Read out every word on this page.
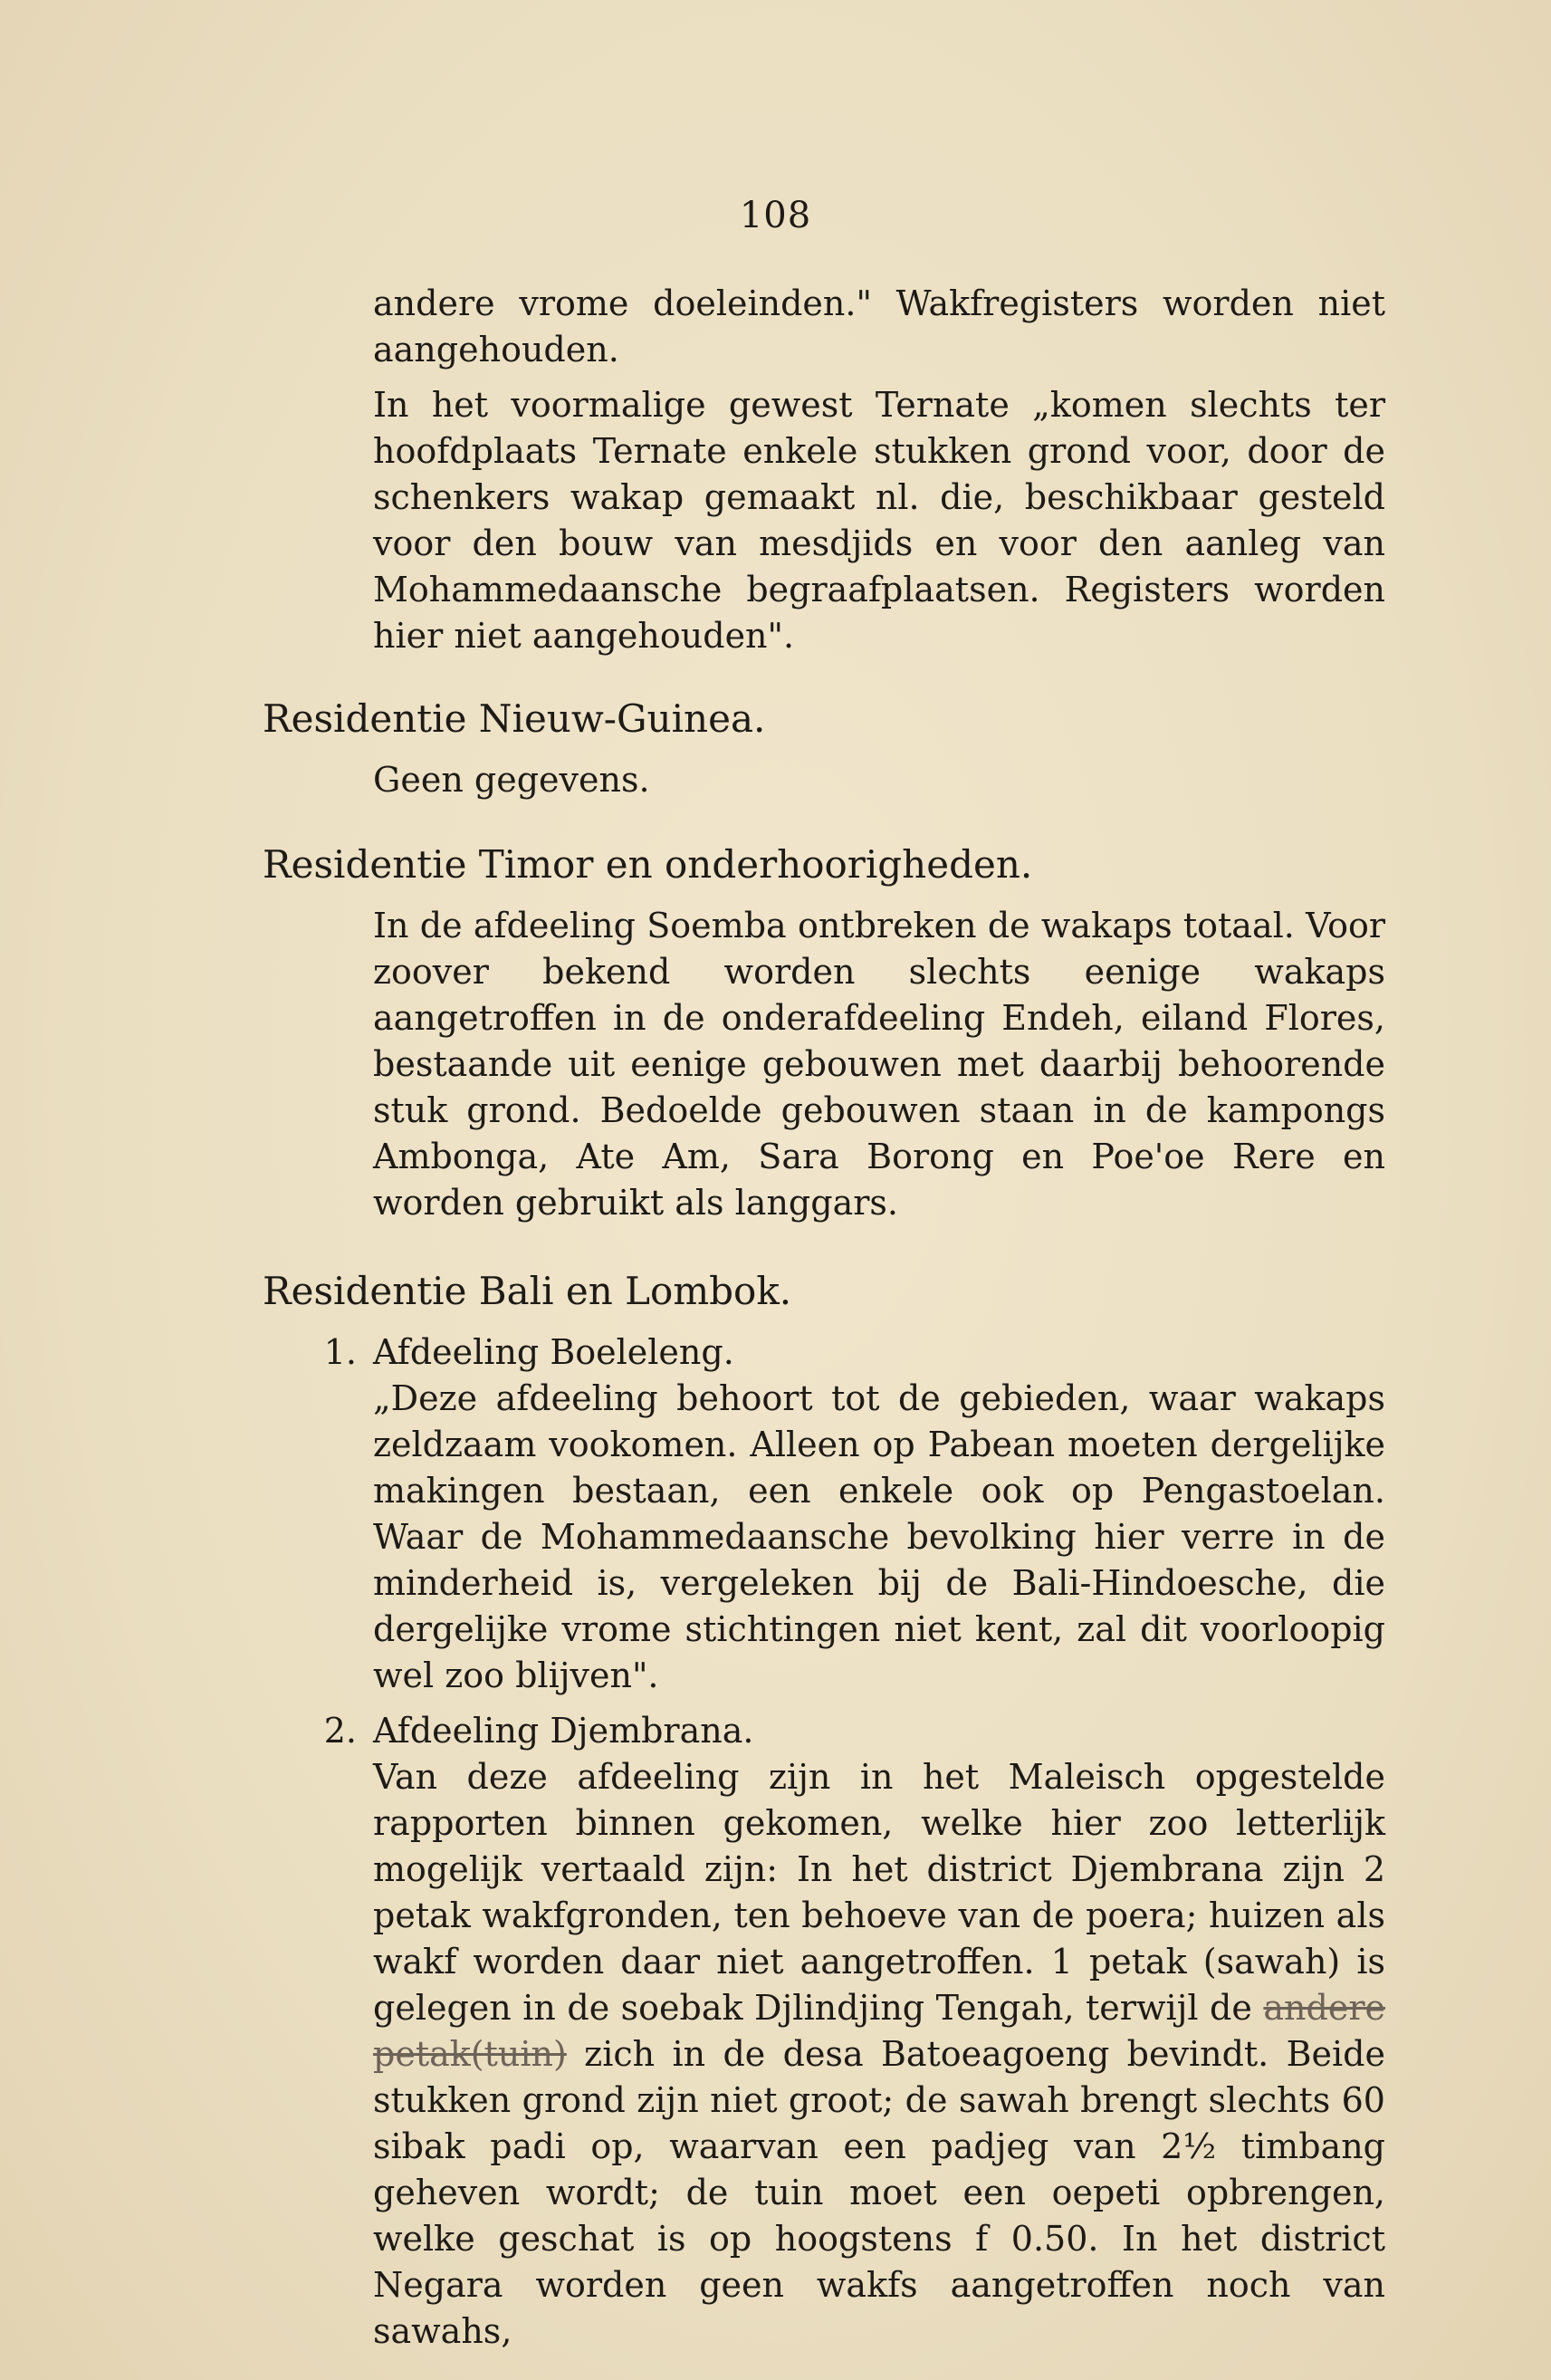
108

andere vrome doeleinden." Wakfregisters worden niet aangehouden.

In het voormalige gewest Ternate „komen slechts ter hoofdplaats Ternate enkele stukken grond voor, door de schenkers wakap gemaakt nl. die, beschikbaar gesteld voor den bouw van mesdjids en voor den aanleg van Mohammedaansche begraafplaatsen. Registers worden hier niet aangehouden".

Residentie Nieuw-Guinea.

Geen gegevens.

Residentie Timor en onderhoorigheden.

In de afdeeling Soemba ontbreken de wakaps totaal. Voor zoover bekend worden slechts eenige wakaps aangetroffen in de onderafdeeling Endeh, eiland Flores, bestaande uit eenige gebouwen met daarbij behoorende stuk grond. Bedoelde gebouwen staan in de kampongs Ambonga, Ate Am, Sara Borong en Poe'oe Rere en worden gebruikt als langgars.

Residentie Bali en Lombok.
1. Afdeeling Boeleleng.

„Deze afdeeling behoort tot de gebieden, waar wakaps zeldzaam vookomen. Alleen op Pabean moeten dergelijke makingen bestaan, een enkele ook op Pengastoelan. Waar de Mohammedaansche bevolking hier verre in de minderheid is, vergeleken bij de Bali-Hindoesche, die dergelijke vrome stichtingen niet kent, zal dit voorloopig wel zoo blijven".

2. Afdeeling Djembrana.

Van deze afdeeling zijn in het Maleisch opgestelde rapporten binnen gekomen, welke hier zoo letterlijk mogelijk vertaald zijn: In het district Djembrana zijn 2 petak wakfgronden, ten behoeve van de poera; huizen als wakf worden daar niet aangetroffen. 1 petak (sawah) is gelegen in de soebak Djlindjing Tengah, terwijl de andere petak(tuin) zich in de desa Batoeagoeng bevindt. Beide stukken grond zijn niet groot; de sawah brengt slechts 60 sibak padi op, waarvan een padjeg van 2½ timbang geheven wordt; de tuin moet een oepeti opbrengen, welke geschat is op hoogstens f 0.50. In het district Negara worden geen wakfs aangetroffen noch van sawahs,
